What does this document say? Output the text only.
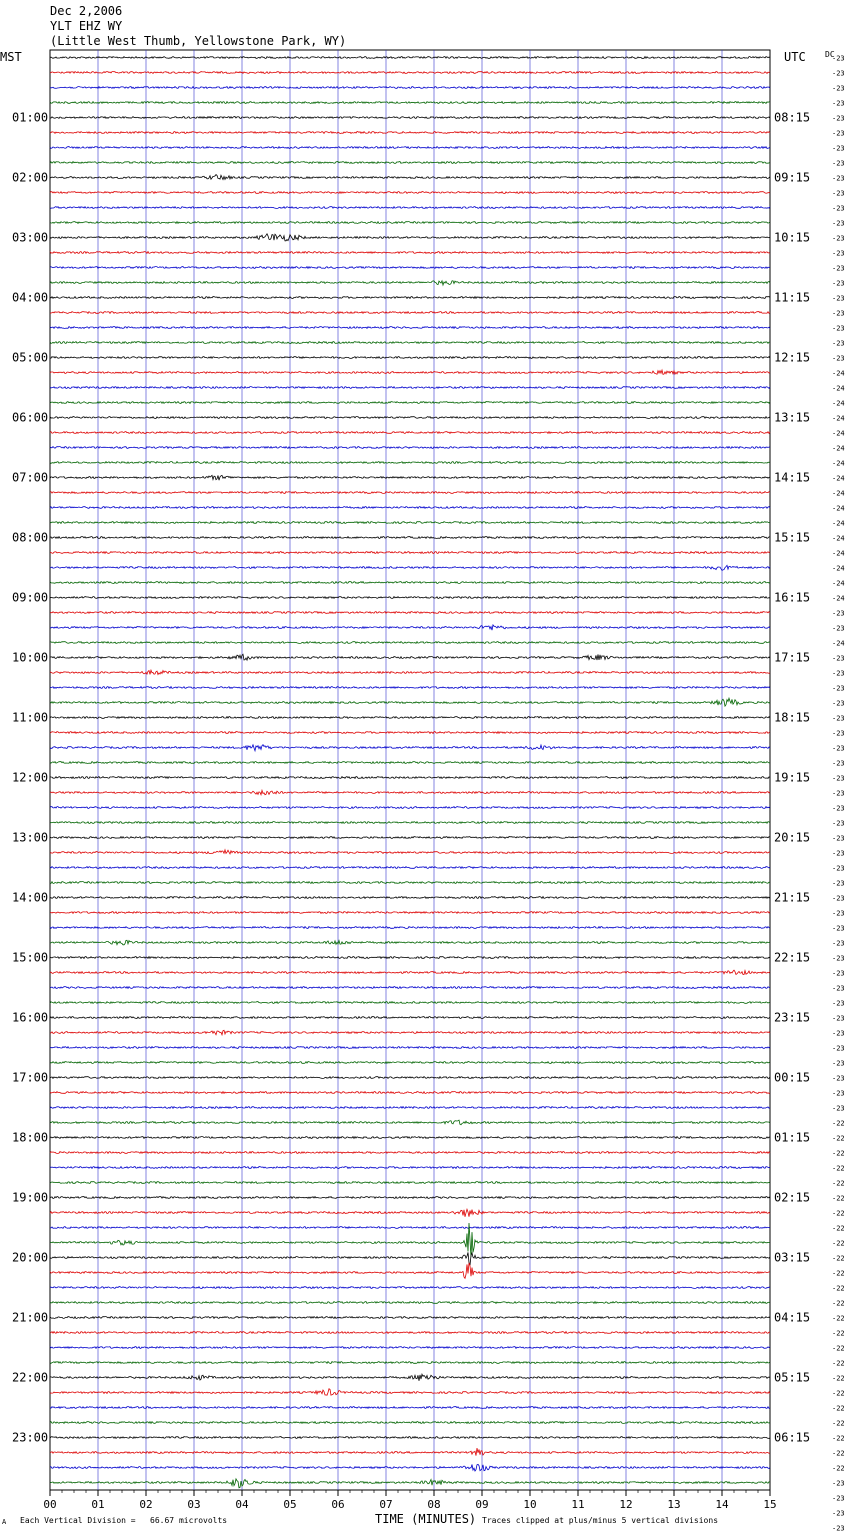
Dec 2,2006
YLT EHZ WY
(Little West Thumb, Yellowstone Park, WY)
MST	UTC DC
01:00
02:00
03:00
04:00
05:00
06:00
07:00
08:00
09:00
10:00
11:00
12:00
13:00
14:00
15:00
16:00
17:00
18:00
19:00
20:00
21:00
22:00
23:00
08:15
09:15
10:15
11:15
12:15
13:15
14:15
15:15
16:15
17:15
18:15
19:15
20:15
21:15
22:15
23:15
00:15
01:15
02:15
03:15
04:15
05:15
06:15
-23
-23
-23
-23
-23
-23
-23
-23
-23
-23
-23
-23
-23
-23
-23
-23
-23
-23
-23
-23
-23
-24
-24
-24
-24
-24
-24
-24
-24
-24
-24
-24
-24
-24
-24
-24
-24
-23
-23
-24
-23
-23
-23
-23
-23
-23
-23
-23
-23
-23
-23
-23
-23
-23
-23
-23
-23
-23
-23
-23
-23
-23
-23
-23
-23
-23
-23
-23
-23
-23
-23
-22
-22
-22
-22
-22
-22
-22
-22
-22
-22
-22
-22
-22
-22
-22
-22
-22
-22
-22
-22
-22
-22
-22
-22
-23
-23
-23
-23
00	01	02	03	04	05	06	07	08	09	10	11	12	13	14	15
TIME (MINUTES)
A Each Vertical Division =   66.67 microvolts	Traces clipped at plus/minus 5 vertical divisions
